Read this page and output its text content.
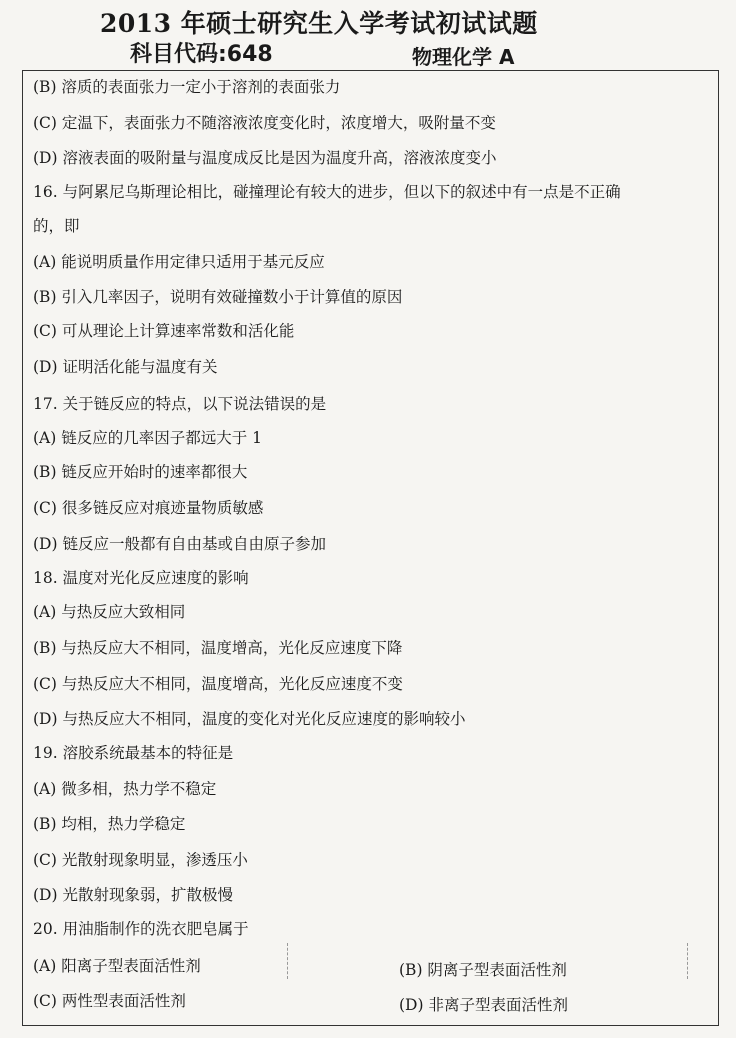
2013 年硕士研究生入学考试初试试题
科目代码:648	物理化学 A
(B) 溶质的表面张力一定小于溶剂的表面张力
(C) 定温下，表面张力不随溶液浓度变化时，浓度增大，吸附量不变
(D) 溶液表面的吸附量与温度成反比是因为温度升高，溶液浓度变小
16. 与阿累尼乌斯理论相比，碰撞理论有较大的进步，但以下的叙述中有一点是不正确
的，即
(A) 能说明质量作用定律只适用于基元反应
(B) 引入几率因子，说明有效碰撞数小于计算值的原因
(C) 可从理论上计算速率常数和活化能
(D) 证明活化能与温度有关
17. 关于链反应的特点，以下说法错误的是
(A) 链反应的几率因子都远大于 1
(B) 链反应开始时的速率都很大
(C) 很多链反应对痕迹量物质敏感
(D) 链反应一般都有自由基或自由原子参加
18. 温度对光化反应速度的影响
(A) 与热反应大致相同
(B) 与热反应大不相同，温度增高，光化反应速度下降
(C) 与热反应大不相同，温度增高，光化反应速度不变
(D) 与热反应大不相同，温度的变化对光化反应速度的影响较小
19. 溶胶系统最基本的特征是
(A) 微多相，热力学不稳定
(B) 均相，热力学稳定
(C) 光散射现象明显，渗透压小
(D) 光散射现象弱，扩散极慢
20. 用油脂制作的洗衣肥皂属于
(A) 阳离子型表面活性剂	(B) 阴离子型表面活性剂
(C) 两性型表面活性剂	(D) 非离子型表面活性剂
